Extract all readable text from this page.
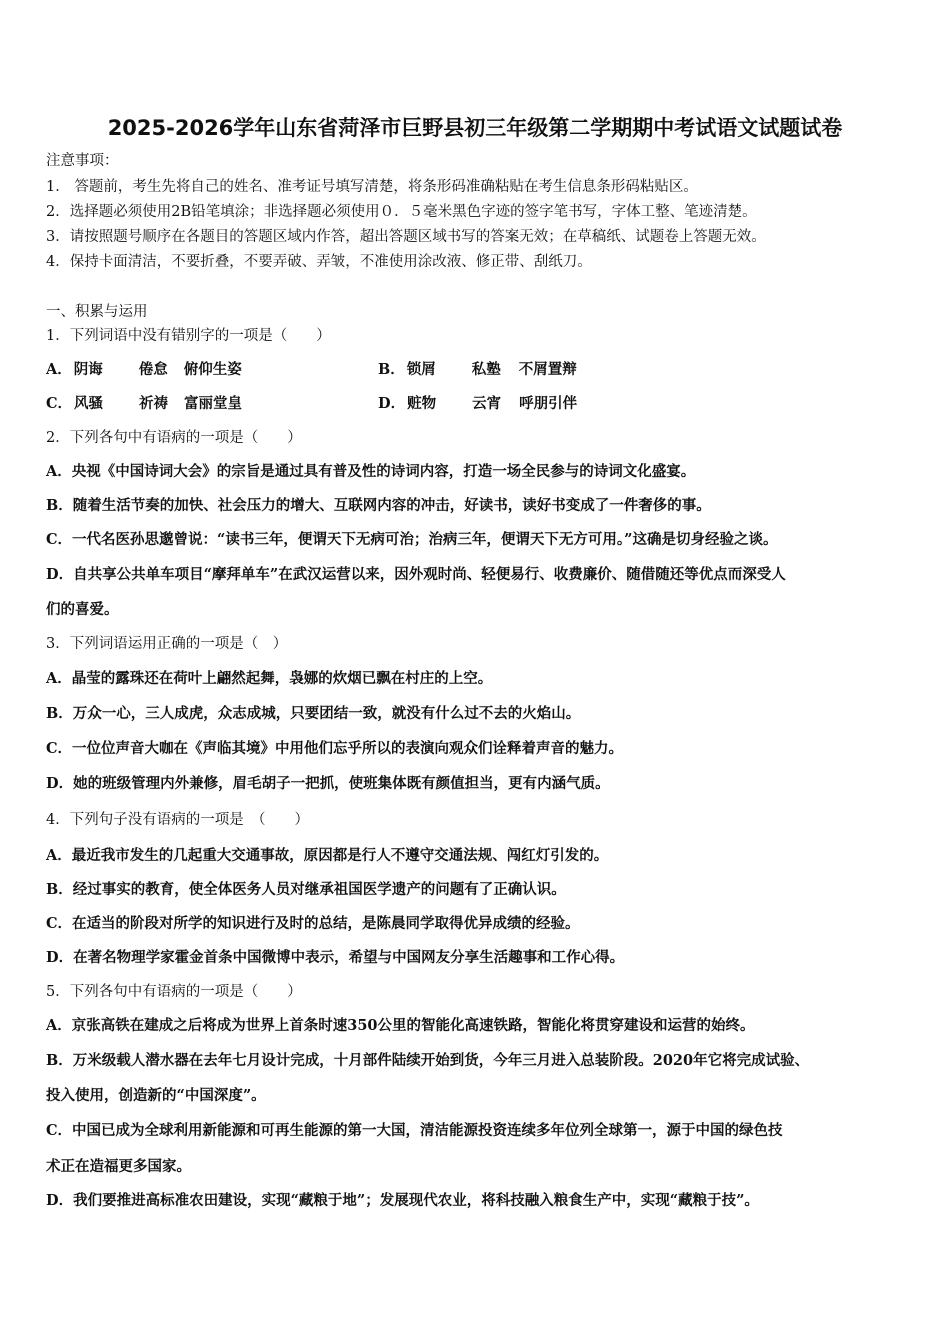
2025-2026学年山东省菏泽市巨野县初三年级第二学期期中考试语文试题试卷
注意事项：
1． 答题前，考生先将自己的姓名、准考证号填写清楚，将条形码准确粘贴在考生信息条形码粘贴区。
2．选择题必须使用2B铅笔填涂；非选择题必须使用０．５毫米黑色字迹的签字笔书写，字体工整、笔迹清楚。
3．请按照题号顺序在各题目的答题区域内作答，超出答题区域书写的答案无效；在草稿纸、试题卷上答题无效。
4．保持卡面清洁，不要折叠，不要弄破、弄皱，不准使用涂改液、修正带、刮纸刀。
一、积累与运用
1．下列词语中没有错别字的一项是（　　）
A． 阴诲 倦怠 俯仰生姿	B． 锁屑 私塾 不屑置辩
C． 风骚 祈祷 富丽堂皇	D． 赃物 云宵 呼朋引伴
2．下列各句中有语病的一项是（　　）
A．央视《中国诗词大会》的宗旨是通过具有普及性的诗词内容，打造一场全民参与的诗词文化盛宴。
B．随着生活节奏的加快、社会压力的增大、互联网内容的冲击，好读书，读好书变成了一件奢侈的事。
C．一代名医孙思邈曾说：“读书三年，便谓天下无病可治；治病三年，便谓天下无方可用。”这确是切身经验之谈。
D．自共享公共单车项目“摩拜单车”在武汉运营以来，因外观时尚、轻便易行、收费廉价、随借随还等优点而深受人
们的喜爱。
3．下列词语运用正确的一项是（　）
A．晶莹的露珠还在荷叶上翩然起舞，袅娜的炊烟已飘在村庄的上空。
B．万众一心，三人成虎，众志成城，只要团结一致，就没有什么过不去的火焰山。
C．一位位声音大咖在《声临其境》中用他们忘乎所以的表演向观众们诠释着声音的魅力。
D．她的班级管理内外兼修，眉毛胡子一把抓，使班集体既有颜值担当，更有内涵气质。
4．下列句子没有语病的一项是　（　　）
A．最近我市发生的几起重大交通事故，原因都是行人不遵守交通法规、闯红灯引发的。
B．经过事实的教育，使全体医务人员对继承祖国医学遗产的问题有了正确认识。
C．在适当的阶段对所学的知识进行及时的总结，是陈晨同学取得优异成绩的经验。
D．在著名物理学家霍金首条中国微博中表示，希望与中国网友分享生活趣事和工作心得。
5．下列各句中有语病的一项是（　　）
A．京张高铁在建成之后将成为世界上首条时速350公里的智能化高速铁路，智能化将贯穿建设和运营的始终。
B．万米级载人潜水器在去年七月设计完成，十月部件陆续开始到货，今年三月进入总装阶段。2020年它将完成试验、
投入使用，创造新的“中国深度”。
C．中国已成为全球利用新能源和可再生能源的第一大国，清洁能源投资连续多年位列全球第一，源于中国的绿色技
术正在造福更多国家。
D．我们要推进高标准农田建设，实现“藏粮于地”；发展现代农业，将科技融入粮食生产中，实现“藏粮于技”。
